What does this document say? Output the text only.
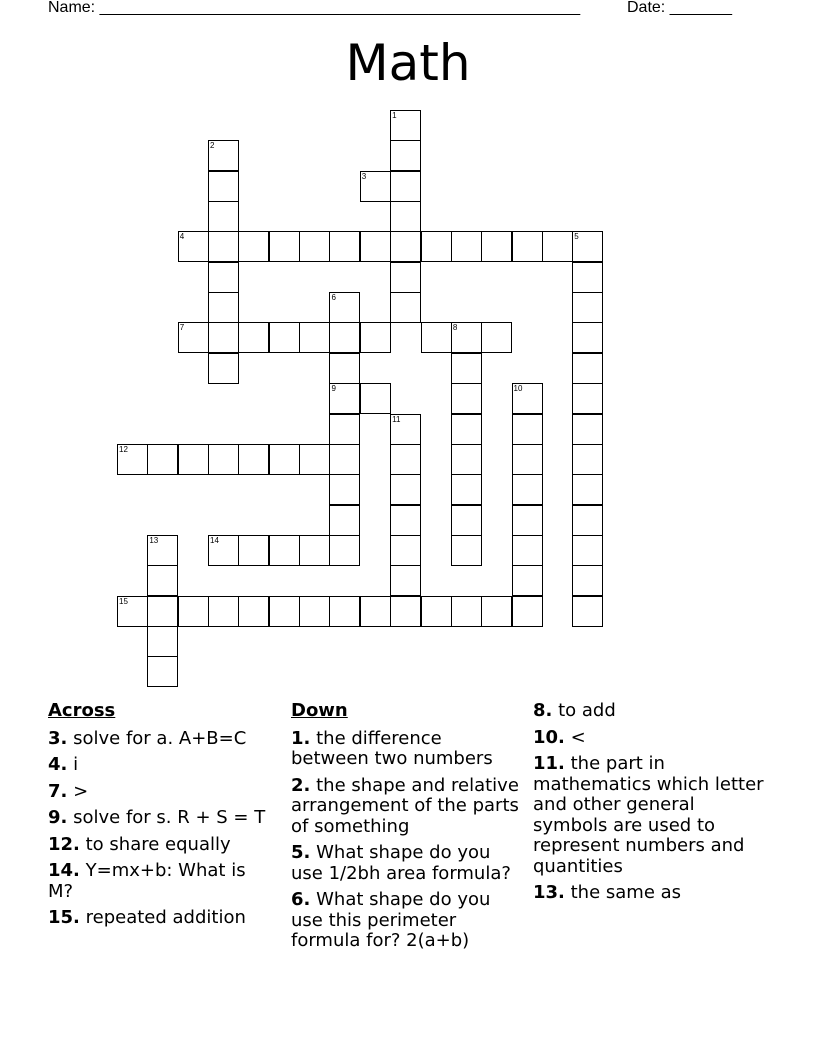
Name: ______________________________________________________	Date: _______
Math
1
2
3
4	5
6
7	8
9	10
11
12
13	14
15
Across
3. solve for a. A+B=C
4. i
7. >
9. solve for s. R + S = T
12. to share equally
14. Y=mx+b: What is M?
15. repeated addition
Down
1. the difference between two numbers
2. the shape and relative arrangement of the parts of something
5. What shape do you use 1/2bh area formula?
6. What shape do you use this perimeter formula for? 2(a+b)
8. to add
10. <
11. the part in mathematics which letter and other general symbols are used to represent numbers and quantities
13. the same as
